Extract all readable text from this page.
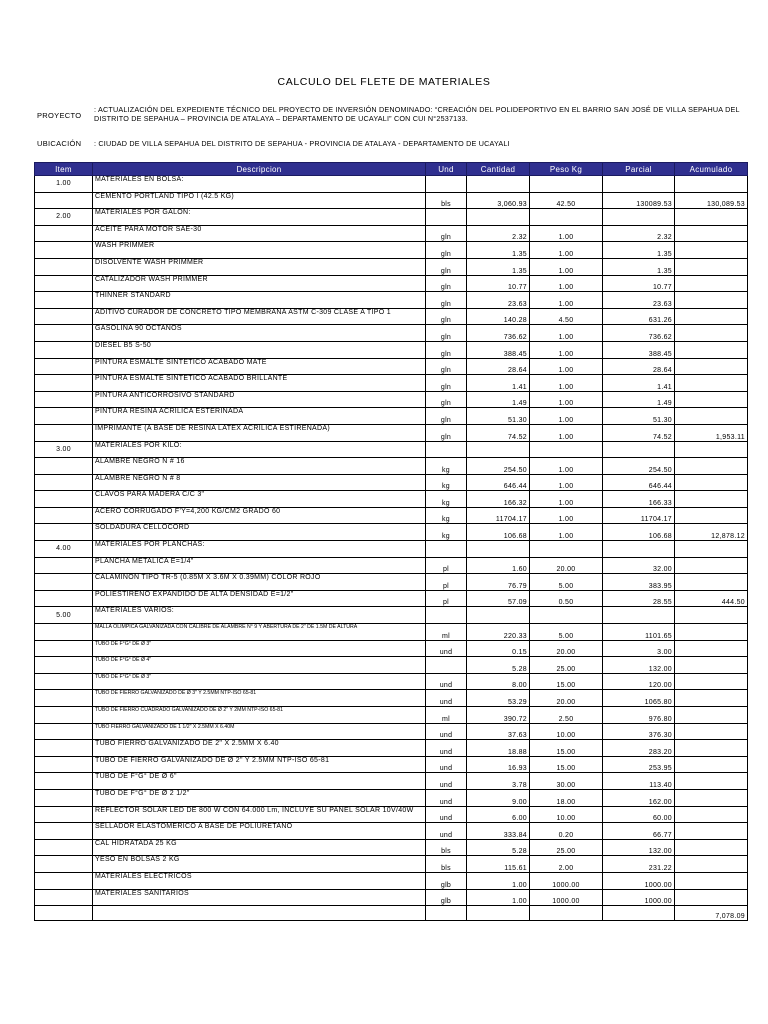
CALCULO DEL FLETE DE MATERIALES
PROYECTO
: ACTUALIZACIÓN DEL EXPEDIENTE TÉCNICO DEL PROYECTO DE INVERSIÓN DENOMINADO: “CREACIÓN DEL POLIDEPORTIVO EN EL BARRIO SAN JOSÉ DE VILLA SEPAHUA DEL DISTRITO DE SEPAHUA – PROVINCIA DE ATALAYA – DEPARTAMENTO DE UCAYALI” CON CUI N°2537133.
UBICACIÓN : CIUDAD DE VILLA SEPAHUA DEL DISTRITO DE SEPAHUA - PROVINCIA DE ATALAYA - DEPARTAMENTO DE UCAYALI
Item	Descripcion	Und	Cantidad	Peso Kg	Parcial	Acumulado
1.00	MATERIALES EN BOLSA:					
	CEMENTO PORTLAND TIPO I (42.5 KG)	bls	3,060.93	42.50	130089.53	130,089.53
2.00	MATERIALES POR GALON:					
	ACEITE PARA MOTOR SAE-30	gln	2.32	1.00	2.32	
	WASH PRIMMER	gln	1.35	1.00	1.35	
	DISOLVENTE WASH PRIMMER	gln	1.35	1.00	1.35	
	CATALIZADOR WASH PRIMMER	gln	10.77	1.00	10.77	
	THINNER STANDARD	gln	23.63	1.00	23.63	
	ADITIVO CURADOR DE CONCRETO TIPO MEMBRANA ASTM C-309 CLASE A TIPO 1	gln	140.28	4.50	631.26	
	GASOLINA 90 OCTANOS	gln	736.62	1.00	736.62	
	DIESEL B5 S-50	gln	388.45	1.00	388.45	
	PINTURA ESMALTE SINTETICO ACABADO MATE	gln	28.64	1.00	28.64	
	PINTURA ESMALTE SINTETICO ACABADO BRILLANTE	gln	1.41	1.00	1.41	
	PINTURA ANTICORROSIVO STANDARD	gln	1.49	1.00	1.49	
	PINTURA RESINA ACRILICA ESTERINADA	gln	51.30	1.00	51.30	
	IMPRIMANTE (A BASE DE RESINA LATEX ACRILICA ESTIRENADA)	gln	74.52	1.00	74.52	1,953.11
3.00	MATERIALES POR KILO:					
	ALAMBRE NEGRO N # 16	kg	254.50	1.00	254.50	
	ALAMBRE NEGRO N # 8	kg	646.44	1.00	646.44	
	CLAVOS PARA MADERA C/C 3"	kg	166.32	1.00	166.33	
	ACERO CORRUGADO F'Y=4,200 KG/CM2 GRADO 60	kg	11704.17	1.00	11704.17	
	SOLDADURA CELLOCORD	kg	106.68	1.00	106.68	12,878.12
4.00	MATERIALES POR PLANCHAS:					
	PLANCHA METALICA E=1/4"	pl	1.60	20.00	32.00	
	CALAMINON TIPO TR-5 (0.85M X 3.6M X 0.39MM) COLOR ROJO	pl	76.79	5.00	383.95	
	POLIESTIRENO EXPANDIDO DE ALTA DENSIDAD E=1/2"	pl	57.09	0.50	28.55	444.50
5.00	MATERIALES VARIOS:					
	MALLA OLIMPICA GALVANIZADA CON CALIBRE DE ALAMBRE N° 9 Y ABERTURA DE 2" DE 1.5M DE ALTURA	ml	220.33	5.00	1101.65	
	TUBO DE F°G° DE Ø 3"	und	0.15	20.00	3.00	
	TUBO DE F°G° DE Ø 4"		5.28	25.00	132.00	
	TUBO DE F°G° DE Ø 3"	und	8.00	15.00	120.00	
	TUBO DE FIERRO GALVANIZADO DE Ø 3" Y 2.5MM NTP-ISO 65-81	und	53.29	20.00	1065.80	
	TUBO DE FIERRO CUADRADO GALVANIZADO DE Ø 2" Y 2MM NTP-ISO 65-81	ml	390.72	2.50	976.80	
	TUBO FIERRO GALVANIZADO DE 1 1/2" X 2.5MM X 6.40M	und	37.63	10.00	376.30	
	TUBO FIERRO GALVANIZADO DE 2" X 2.5MM X 6.40	und	18.88	15.00	283.20	
	TUBO DE FIERRO GALVANIZADO DE Ø 2" Y 2.5MM NTP-ISO 65-81	und	16.93	15.00	253.95	
	TUBO DE F°G° DE Ø 6"	und	3.78	30.00	113.40	
	TUBO DE F°G° DE Ø 2 1/2"	und	9.00	18.00	162.00	
	REFLECTOR SOLAR LED DE 800 W CON 64.000 Lm, INCLUYE SU PANEL SOLAR 10V/40W	und	6.00	10.00	60.00	
	SELLADOR ELASTOMERICO A BASE DE POLIURETANO	und	333.84	0.20	66.77	
	CAL HIDRATADA 25 KG	bls	5.28	25.00	132.00	
	YESO EN BOLSAS 2 KG	bls	115.61	2.00	231.22	
	MATERIALES ELECTRICOS	glb	1.00	1000.00	1000.00	
	MATERIALES SANITARIOS	glb	1.00	1000.00	1000.00	
						7,078.09
